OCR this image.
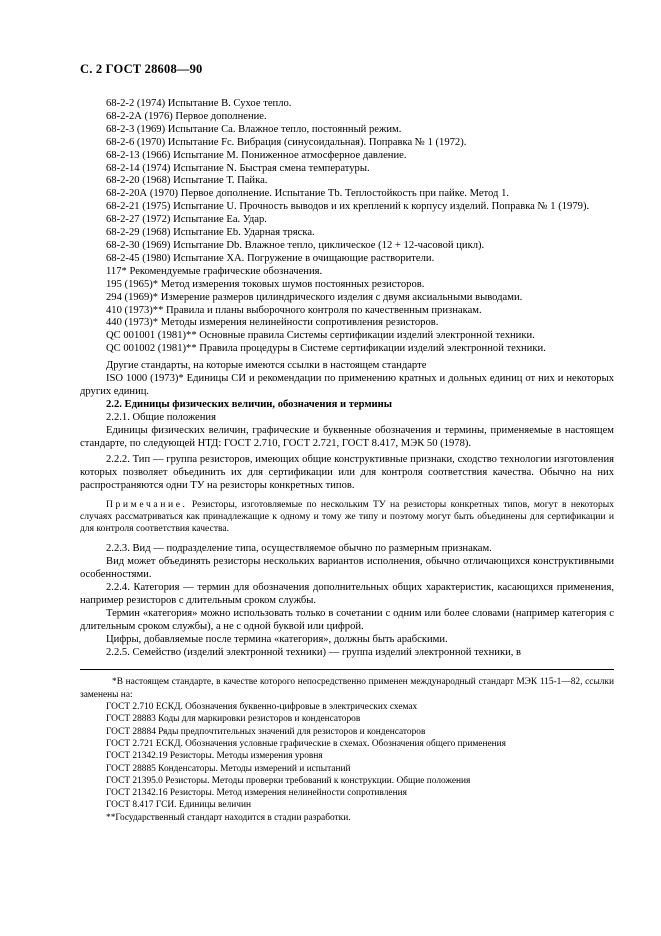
С. 2 ГОСТ 28608—90

68-2-2 (1974) Испытание В. Сухое тепло.

68-2-2А (1976) Первое дополнение.

68-2-3 (1969) Испытание Са. Влажное тепло, постоянный режим.

68-2-6 (1970) Испытание Fc. Вибрация (синусоидальная). Поправка № 1 (1972).

68-2-13 (1966) Испытание М. Пониженное атмосферное давление.

68-2-14 (1974) Испытание N. Быстрая смена температуры.

68-2-20 (1968) Испытание Т. Пайка.

68-2-20А (1970) Первое дополнение. Испытание Tb. Теплостойкость при пайке. Метод 1.

68-2-21 (1975) Испытание U. Прочность выводов и их креплений к корпусу изделий. Поправка № 1 (1979).

68-2-27 (1972) Испытание Еа. Удар.

68-2-29 (1968) Испытание Eb. Ударная тряска.

68-2-30 (1969) Испытание Db. Влажное тепло, циклическое (12 + 12-часовой цикл).

68-2-45 (1980) Испытание ХА. Погружение в очищающие растворители.

117* Рекомендуемые графические обозначения.

195 (1965)* Метод измерения токовых шумов постоянных резисторов.

294 (1969)* Измерение размеров цилиндрического изделия с двумя аксиальными выводами.

410 (1973)** Правила и планы выборочного контроля по качественным признакам.

440 (1973)* Методы измерения нелинейности сопротивления резисторов.

QC 001001 (1981)** Основные правила Системы сертификации изделий электронной техники.

QC 001002 (1981)** Правила процедуры в Системе сертификации изделий электронной техники.

Другие стандарты, на которые имеются ссылки в настоящем стандарте

ISO 1000 (1973)* Единицы СИ и рекомендации по применению кратных и дольных единиц от них и некоторых других единиц.

2.2. Единицы физических величин, обозначения и термины

2.2.1. Общие положения

Единицы физических величин, графические и буквенные обозначения и термины, применяемые в настоящем стандарте, по следующей НТД: ГОСТ 2.710, ГОСТ 2.721, ГОСТ 8.417, МЭК 50 (1978).

2.2.2. Тип — группа резисторов, имеющих общие конструктивные признаки, сходство технологии изготовления которых позволяет объединить их для сертификации или для контроля соответствия качества. Обычно на них распространяются одни ТУ на резисторы конкретных типов.

Примечание. Резисторы, изготовляемые по нескольким ТУ на резисторы конкретных типов, могут в некоторых случаях рассматриваться как принадлежащие к одному и тому же типу и поэтому могут быть объединены для сертификации и для контроля соответствия качества.

2.2.3. Вид — подразделение типа, осуществляемое обычно по размерным признакам.

Вид может объединять резисторы нескольких вариантов исполнения, обычно отличающихся конструктивными особенностями.

2.2.4. Категория — термин для обозначения дополнительных общих характеристик, касающихся применения, например резисторов с длительным сроком службы.

Термин «категория» можно использовать только в сочетании с одним или более словами (например категория с длительным сроком службы), а не с одной буквой или цифрой.

Цифры, добавляемые после термина «категория», должны быть арабскими.

2.2.5. Семейство (изделий электронной техники) — группа изделий электронной техники, в

*В настоящем стандарте, в качестве которого непосредственно применен международный стандарт МЭК 115-1—82, ссылки заменены на:

ГОСТ 2.710 ЕСКД. Обозначения буквенно-цифровые в электрических схемах

ГОСТ 28883 Коды для маркировки резисторов и конденсаторов

ГОСТ 28884 Ряды предпочтительных значений для резисторов и конденсаторов

ГОСТ 2.721 ЕСКД. Обозначения условные графические в схемах. Обозначения общего применения

ГОСТ 21342.19 Резисторы. Методы измерения уровня

ГОСТ 28885 Конденсаторы. Методы измерений и испытаний

ГОСТ 21395.0 Резисторы. Методы проверки требований к конструкции. Общие положения

ГОСТ 21342.16 Резисторы. Метод измерения нелинейности сопротивления

ГОСТ 8.417 ГСИ. Единицы величин

**Государственный стандарт находится в стадии разработки.
